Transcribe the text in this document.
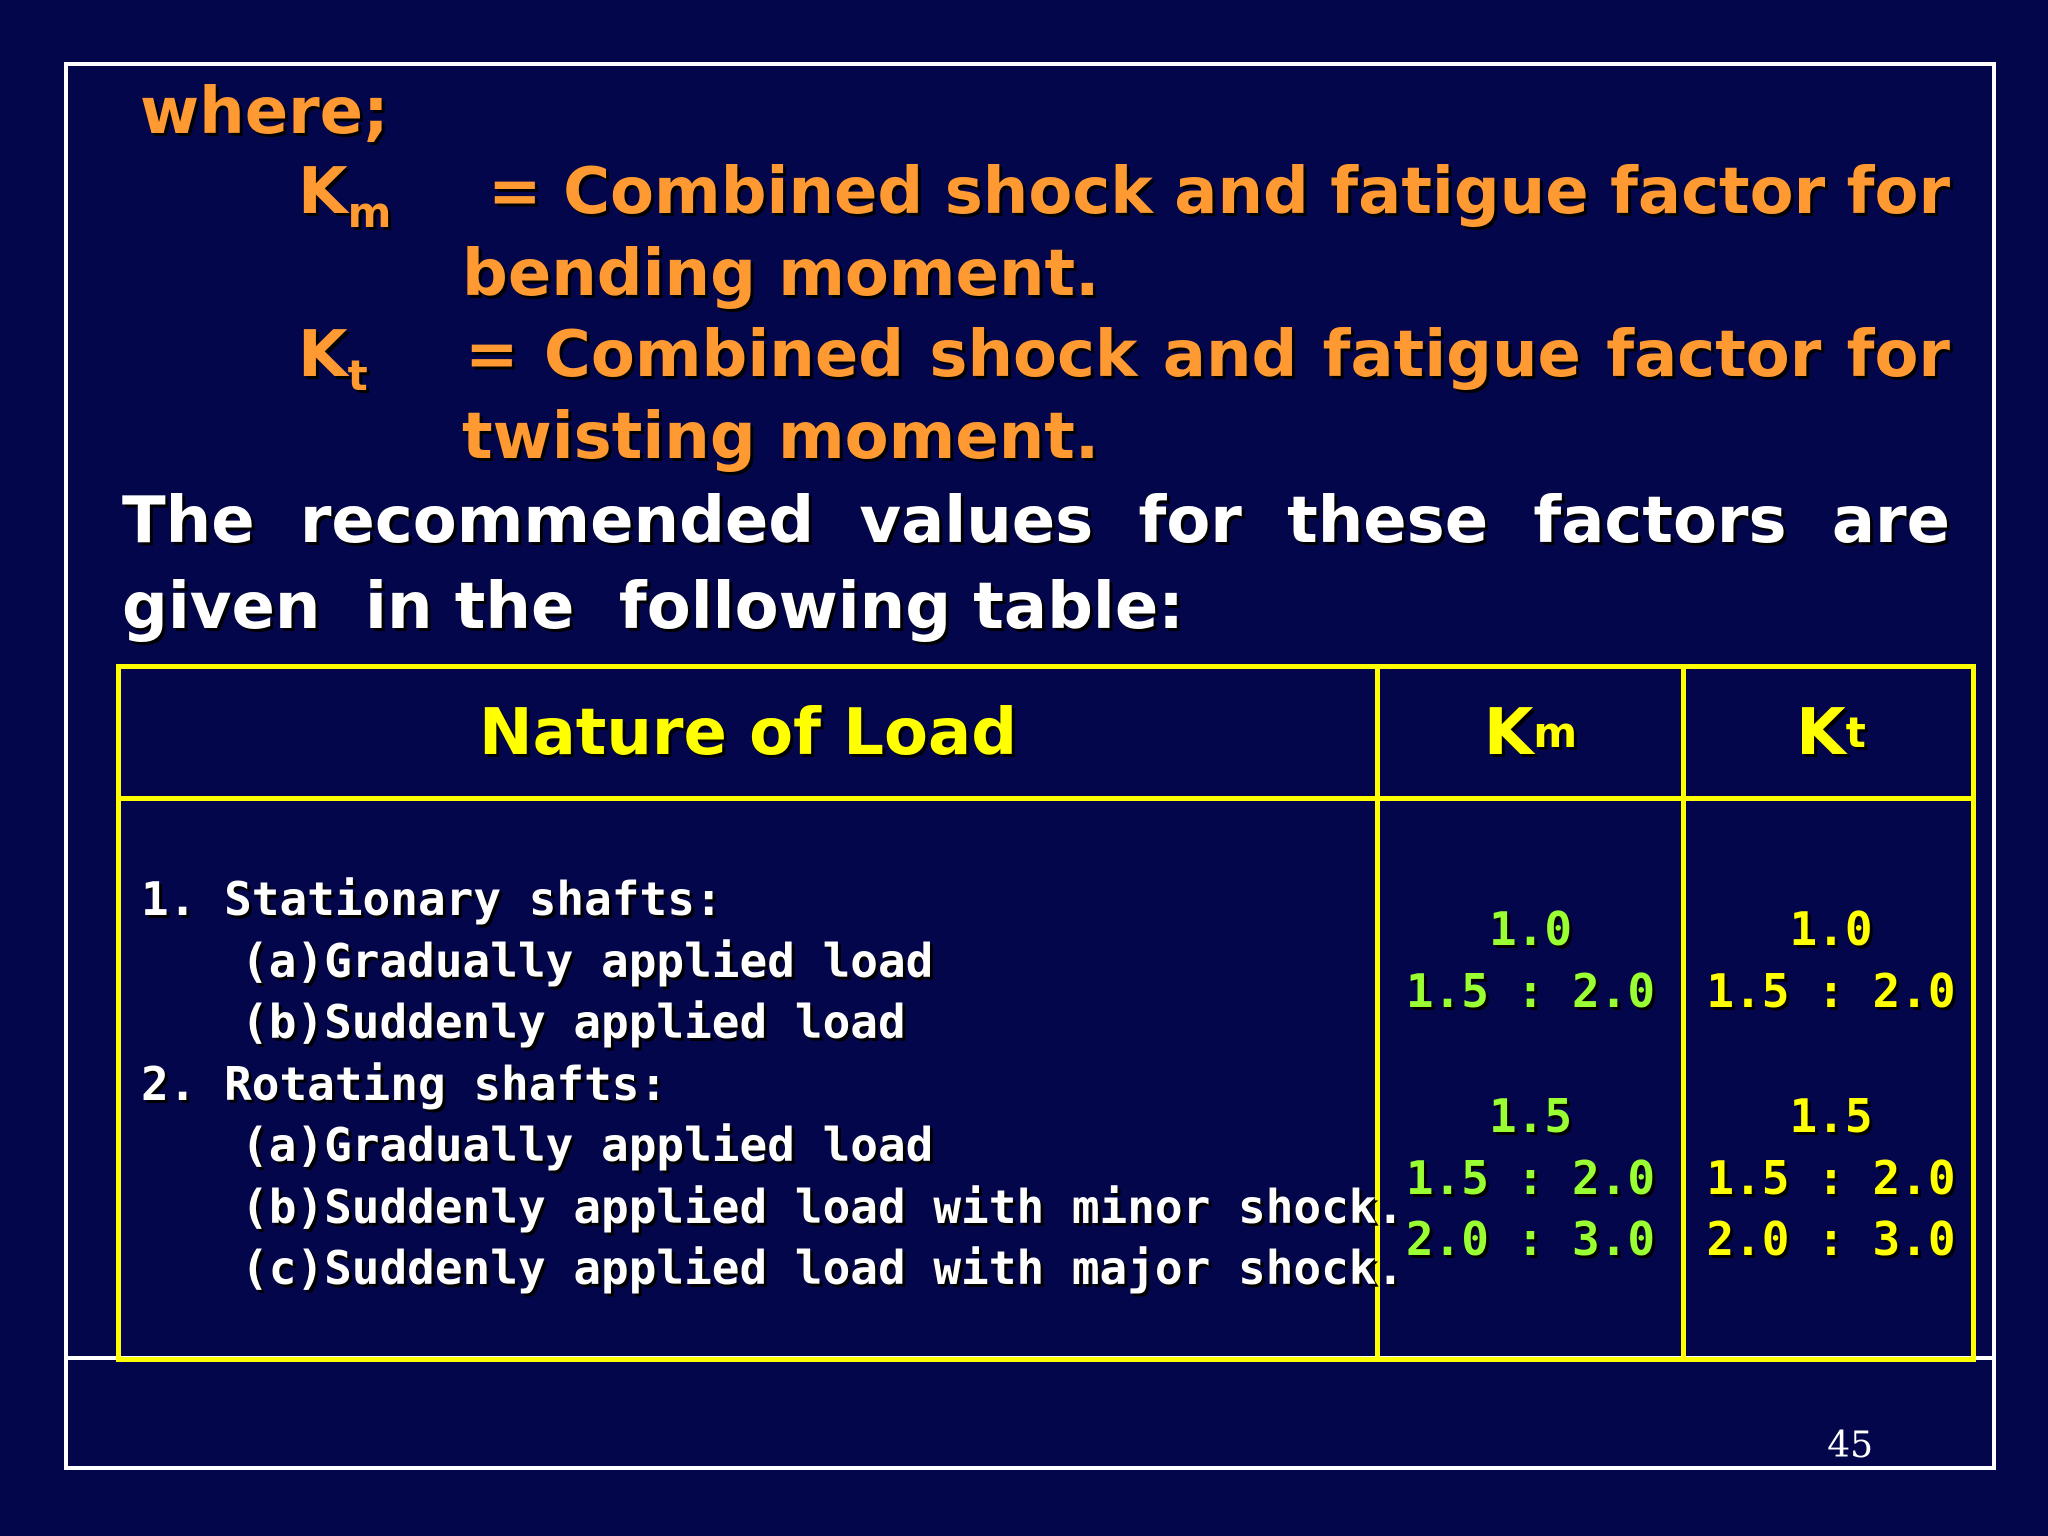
where;
$K_m$ = Combined shock and fatigue factor for
bending moment.
$K_t$ = Combined shock and fatigue factor for
twisting moment.
The recommended values for these factors are
given  in the  following table:
Nature of Load	K m	K t
1. Stationary shafts:
(a)Gradually applied load
(b)Suddenly applied load
2. Rotating shafts:
(a)Gradually applied load
(b)Suddenly applied load with minor shock.
(c)Suddenly applied load with major shock.
1.0
1.5 : 2.0
1.5
1.5 : 2.0
2.0 : 3.0
1.0
1.5 : 2.0
1.5
1.5 : 2.0
2.0 : 3.0
45
